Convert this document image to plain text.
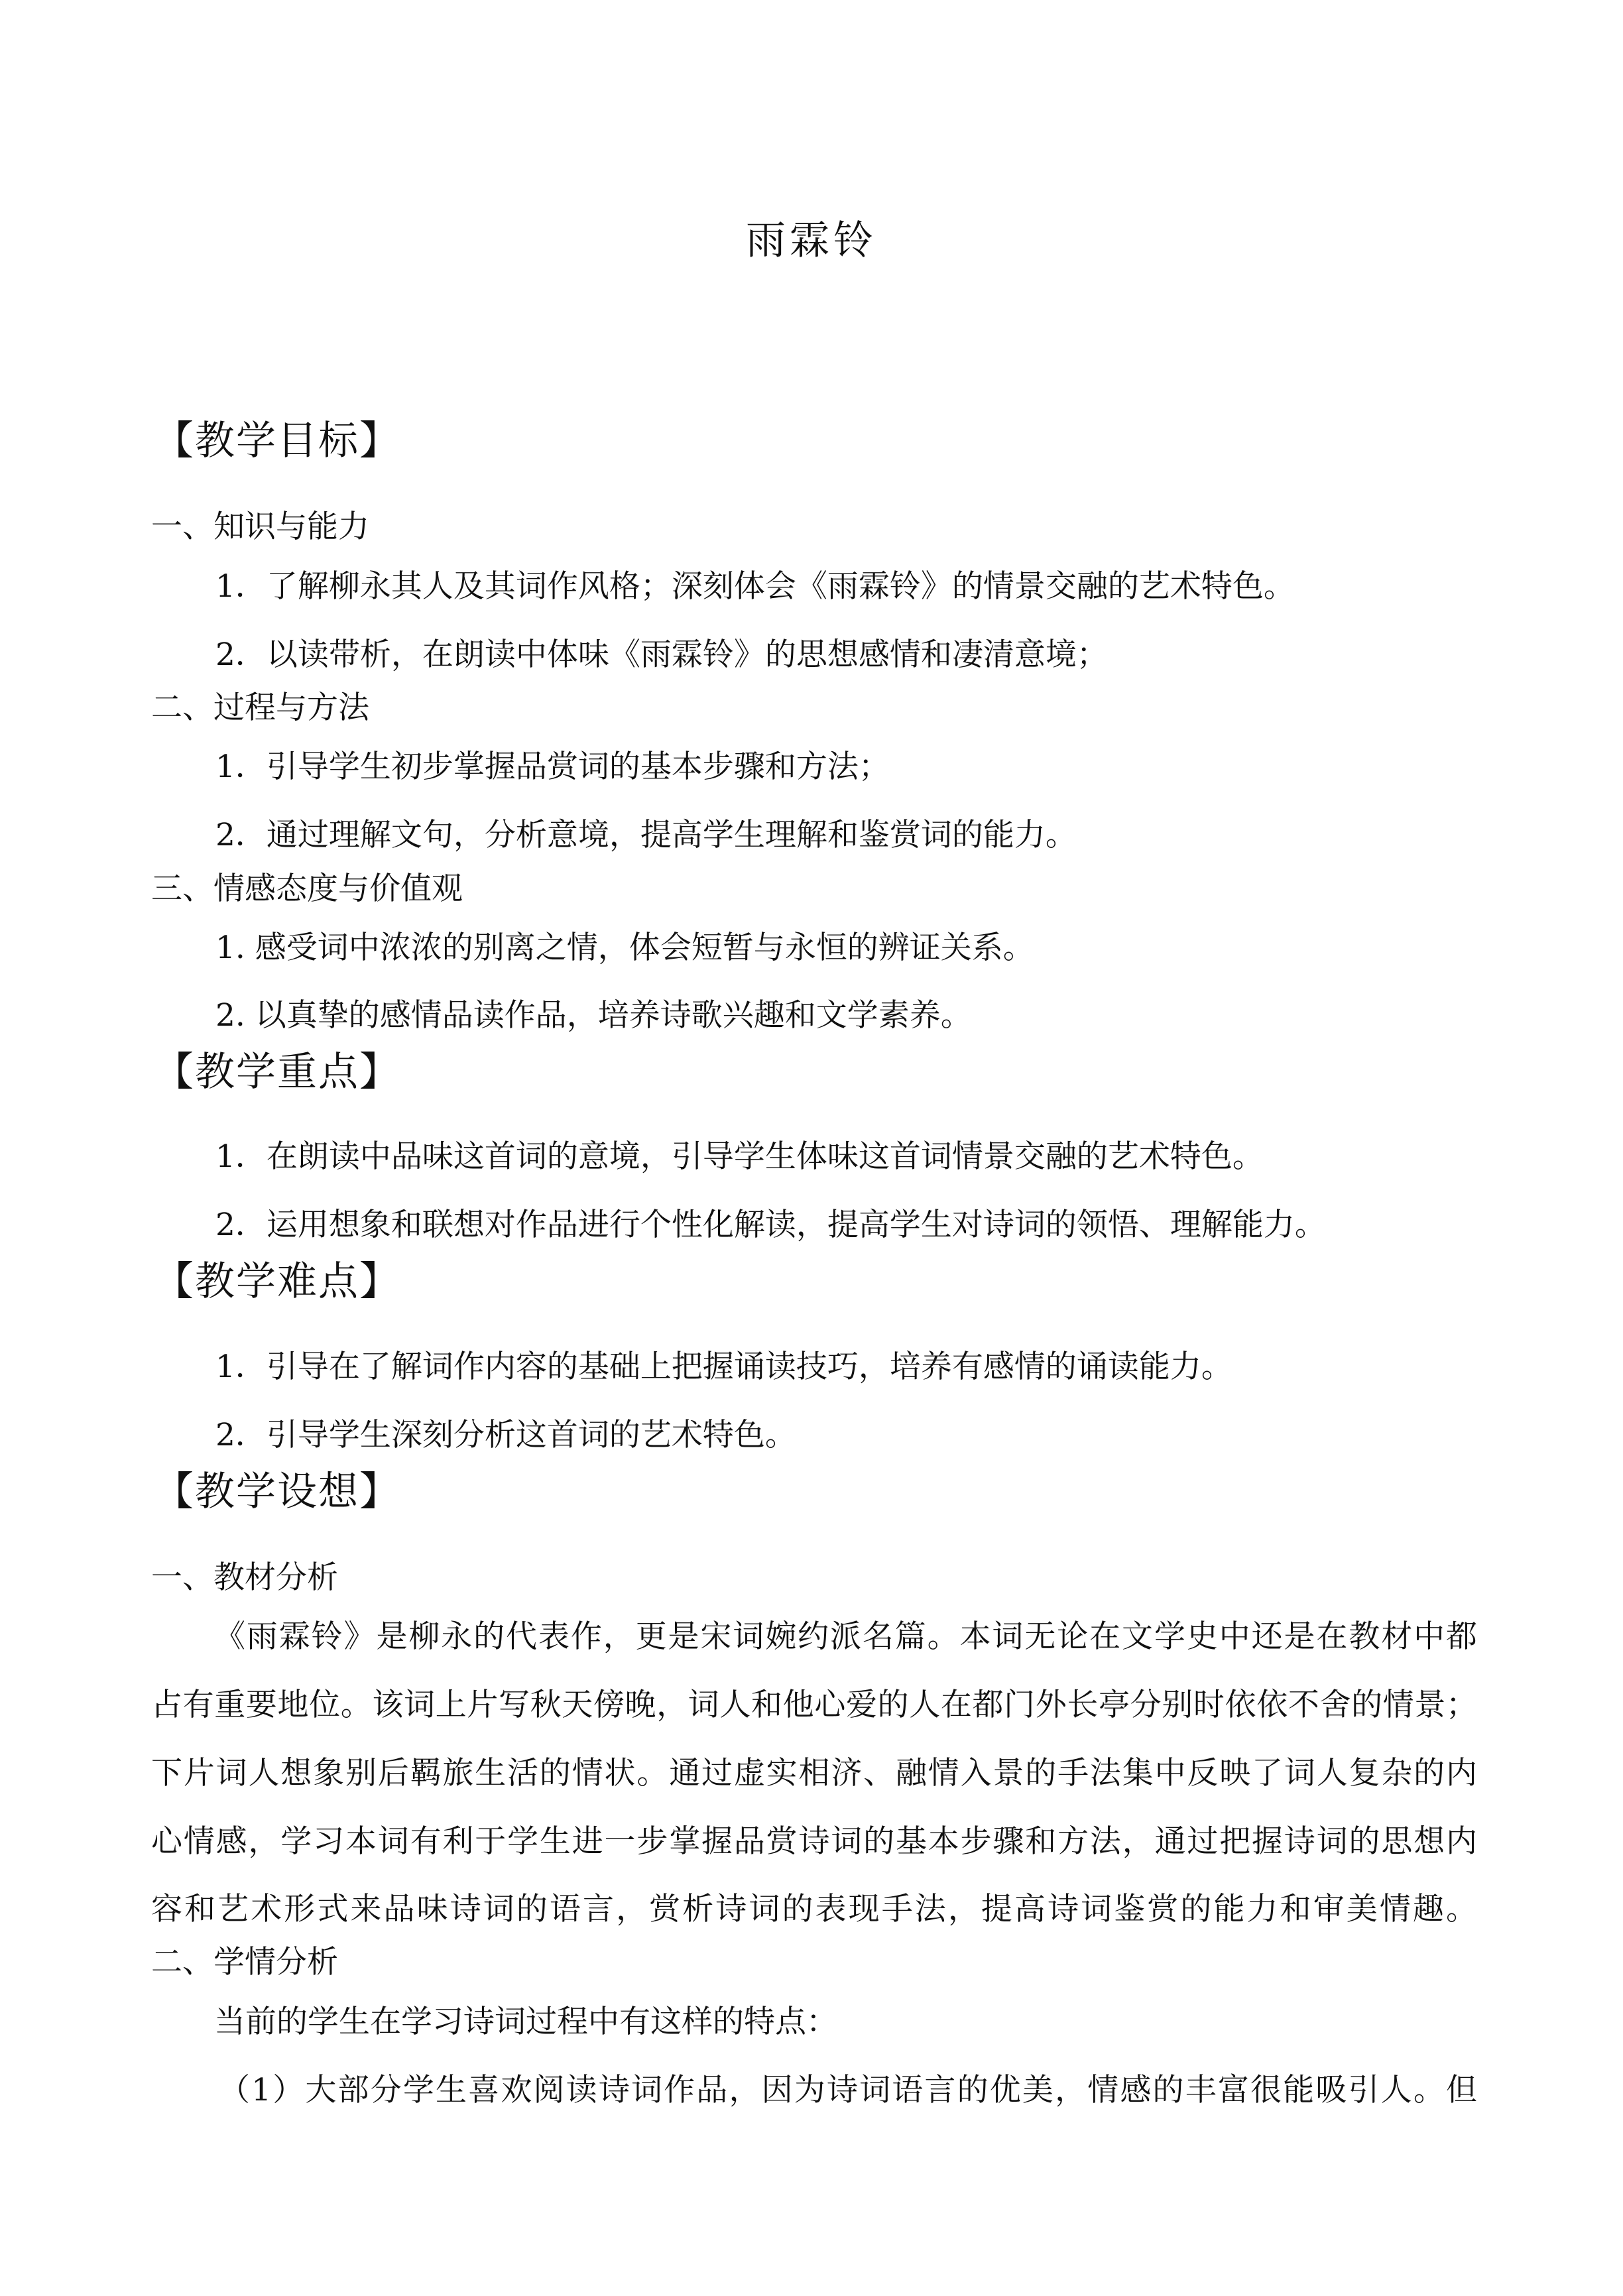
雨霖铃
【教学目标】
一、知识与能力
1．了解柳永其人及其词作风格；深刻体会《雨霖铃》的情景交融的艺术特色。
2．以读带析，在朗读中体味《雨霖铃》的思想感情和凄清意境；
二、过程与方法
1．引导学生初步掌握品赏词的基本步骤和方法；
2．通过理解文句，分析意境，提高学生理解和鉴赏词的能力。
三、情感态度与价值观
1. 感受词中浓浓的别离之情，体会短暂与永恒的辨证关系。
2. 以真挚的感情品读作品，培养诗歌兴趣和文学素养。
【教学重点】
1．在朗读中品味这首词的意境，引导学生体味这首词情景交融的艺术特色。
2．运用想象和联想对作品进行个性化解读，提高学生对诗词的领悟、理解能力。
【教学难点】
1．引导在了解词作内容的基础上把握诵读技巧，培养有感情的诵读能力。
2．引导学生深刻分析这首词的艺术特色。
【教学设想】
一、教材分析
《雨霖铃》是柳永的代表作，更是宋词婉约派名篇。本词无论在文学史中还是在教材中都
占有重要地位。该词上片写秋天傍晚，词人和他心爱的人在都门外长亭分别时依依不舍的情景；
下片词人想象别后羁旅生活的情状。通过虚实相济、融情入景的手法集中反映了词人复杂的内
心情感，学习本词有利于学生进一步掌握品赏诗词的基本步骤和方法，通过把握诗词的思想内
容和艺术形式来品味诗词的语言，赏析诗词的表现手法，提高诗词鉴赏的能力和审美情趣。
二、学情分析
当前的学生在学习诗词过程中有这样的特点：
（1）大部分学生喜欢阅读诗词作品，因为诗词语言的优美，情感的丰富很能吸引人。但
